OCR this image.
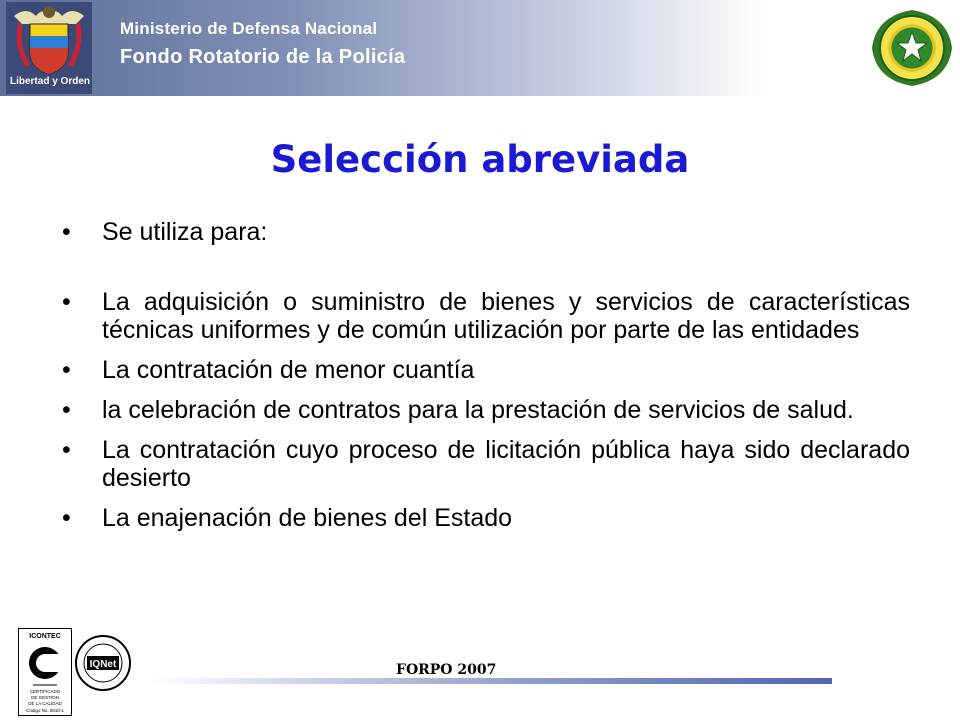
Libertad y Orden
Ministerio de Defensa Nacional
Fondo Rotatorio de la Policía
Selección abreviada
• Se utiliza para:
• La adquisición o suministro de bienes y servicios de características técnicas uniformes y de común utilización por parte de las entidades
• La contratación de menor cuantía
• la celebración de contratos para la prestación de servicios de salud.
• La contratación cuyo proceso de licitación pública haya sido declarado desierto
• La enajenación de bienes del Estado
ICONTEC
CERTIFICADO
DE GESTION
DE LA CALIDAD
Código No. 5010-1
IQNet	FORPO 2007
